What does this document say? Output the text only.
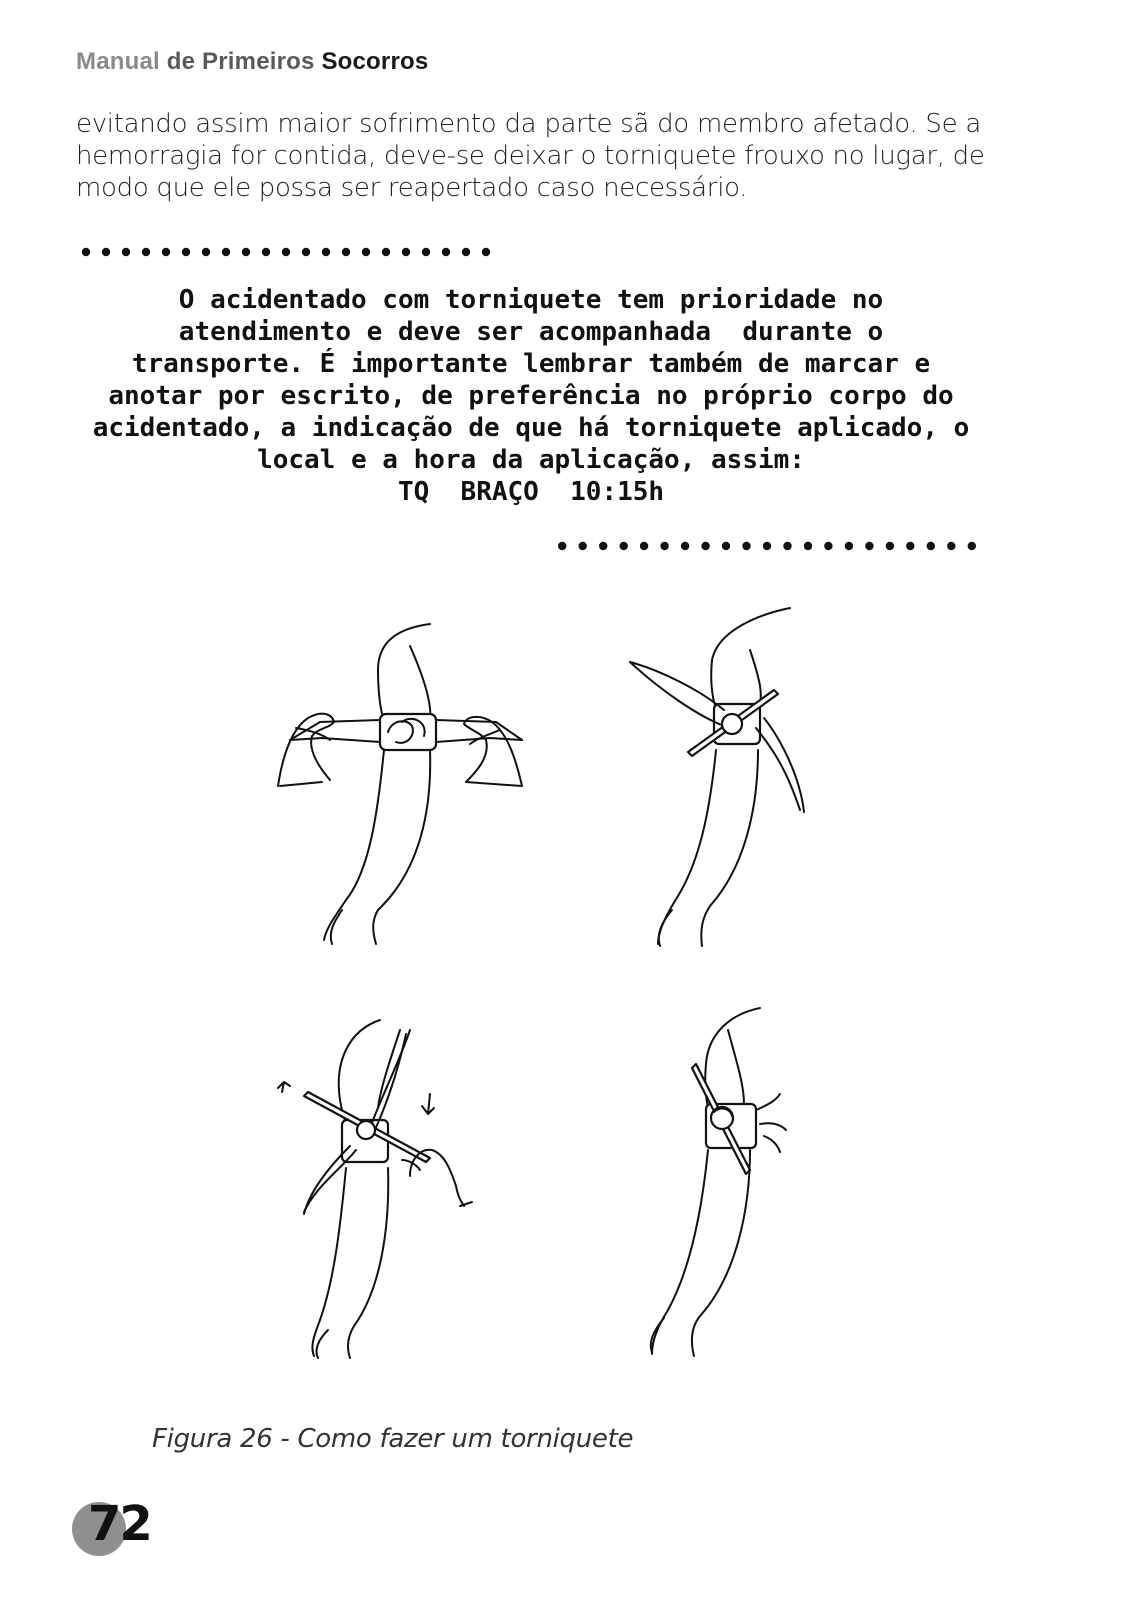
Manual de Primeiros Socorros
evitando assim maior sofrimento da parte sã do membro afetado. Se a
hemorragia for contida, deve-se deixar o torniquete frouxo no lugar, de
modo que ele possa ser reapertado caso necessário.
O acidentado com torniquete tem prioridade no
atendimento e deve ser acompanhada  durante o
transporte. É importante lembrar também de marcar e
anotar por escrito, de preferência no próprio corpo do
acidentado, a indicação de que há torniquete aplicado, o
local e a hora da aplicação, assim:
TQ  BRAÇO  10:15h
Figura 26 - Como fazer um torniquete
72
